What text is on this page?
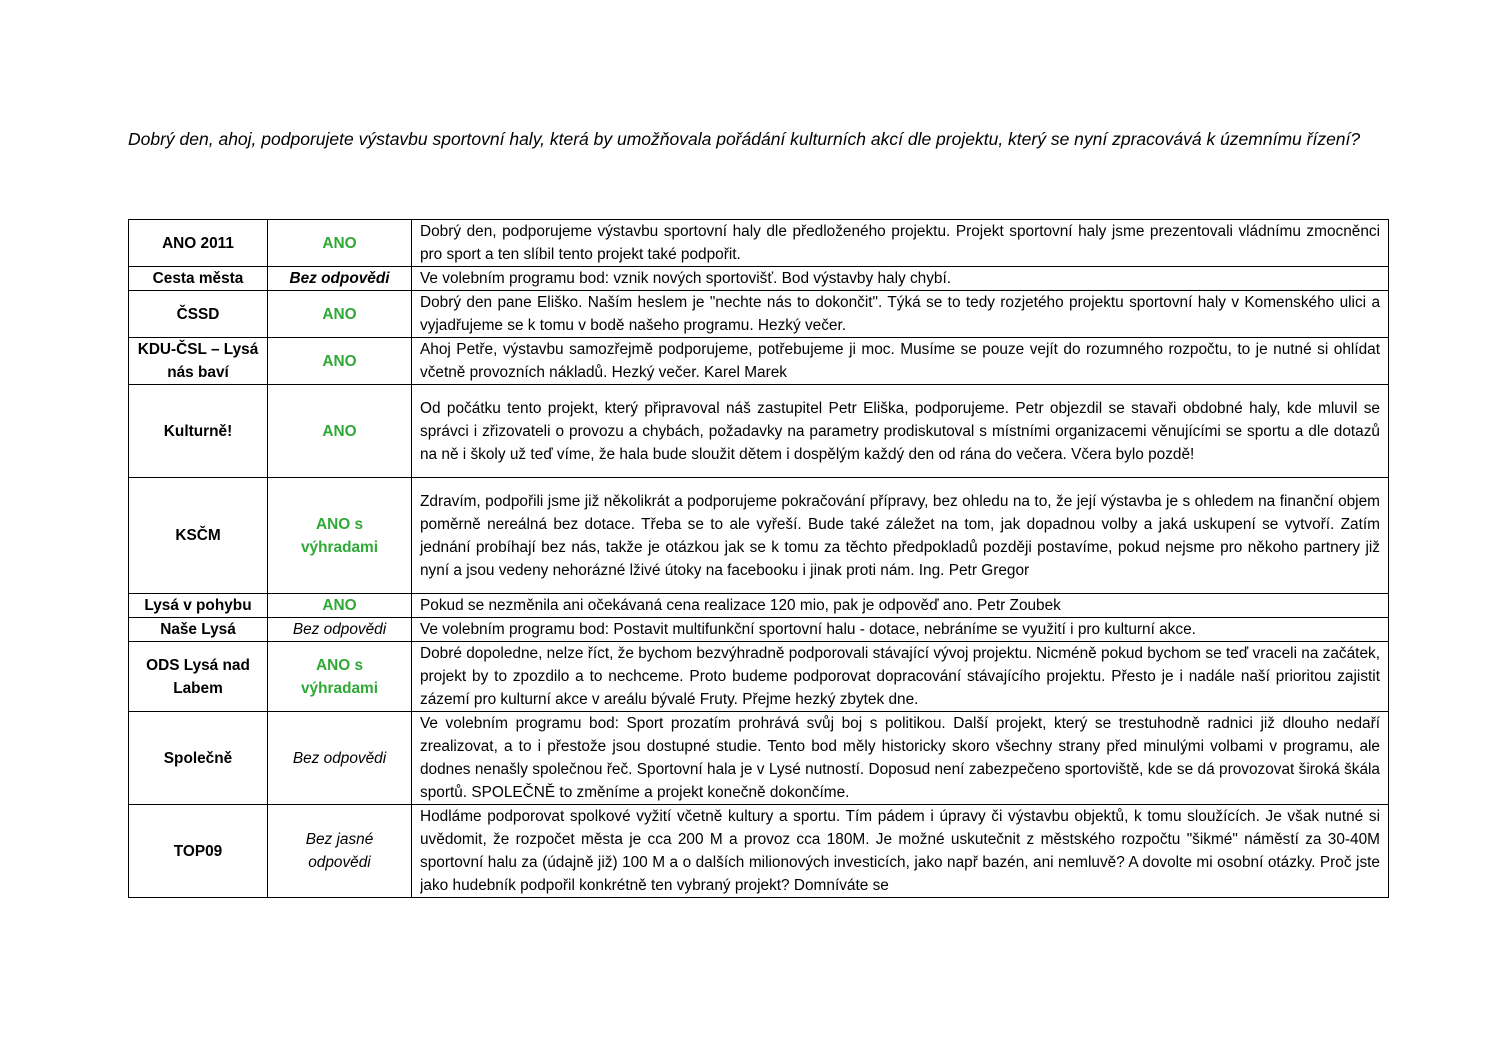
Dobrý den, ahoj, podporujete výstavbu sportovní haly, která by umožňovala pořádání kulturních akcí dle projektu, který se nyní zpracovává k územnímu řízení?

ANO 2011	ANO	Dobrý den, podporujeme výstavbu sportovní haly dle předloženého projektu. Projekt sportovní haly jsme prezentovali vládnímu zmocněnci pro sport a ten slíbil tento projekt také podpořit.
Cesta města	Bez odpovědi	Ve volebním programu bod: vznik nových sportovišť. Bod výstavby haly chybí.
ČSSD	ANO	Dobrý den pane Eliško. Naším heslem je "nechte nás to dokončit". Týká se to tedy rozjetého projektu sportovní haly v Komenského ulici a vyjadřujeme se k tomu v bodě našeho programu. Hezký večer.
KDU-ČSL – Lysá nás baví	ANO	Ahoj Petře, výstavbu samozřejmě podporujeme, potřebujeme ji moc. Musíme se pouze vejít do rozumného rozpočtu, to je nutné si ohlídat včetně provozních nákladů. Hezký večer. Karel Marek
Kulturně!	ANO	Od počátku tento projekt, který připravoval náš zastupitel Petr Eliška, podporujeme. Petr objezdil se stavaři obdobné haly, kde mluvil se správci i zřizovateli o provozu a chybách, požadavky na parametry prodiskutoval s místními organizacemi věnujícími se sportu a dle dotazů na ně i školy už teď víme, že hala bude sloužit dětem i dospělým každý den od rána do večera. Včera bylo pozdě!
KSČM	ANO s výhradami	Zdravím, podpořili jsme již několikrát a podporujeme pokračování přípravy, bez ohledu na to, že její výstavba je s ohledem na finanční objem poměrně nereálná bez dotace. Třeba se to ale vyřeší. Bude také záležet na tom, jak dopadnou volby a jaká uskupení se vytvoří. Zatím jednání probíhají bez nás, takže je otázkou jak se k tomu za těchto předpokladů později postavíme, pokud nejsme pro někoho partnery již nyní a jsou vedeny nehorázné lživé útoky na facebooku i jinak proti nám. Ing. Petr Gregor
Lysá v pohybu	ANO	Pokud se nezměnila ani očekávaná cena realizace 120 mio, pak je odpověď ano. Petr Zoubek
Naše Lysá	Bez odpovědi	Ve volebním programu bod: Postavit multifunkční sportovní halu - dotace, nebráníme se využití i pro kulturní akce.
ODS Lysá nad Labem	ANO s výhradami	Dobré dopoledne, nelze říct, že bychom bezvýhradně podporovali stávající vývoj projektu. Nicméně pokud bychom se teď vraceli na začátek, projekt by to zpozdilo a to nechceme. Proto budeme podporovat dopracování stávajícího projektu. Přesto je i nadále naší prioritou zajistit zázemí pro kulturní akce v areálu bývalé Fruty. Přejme hezký zbytek dne.
Společně	Bez odpovědi	Ve volebním programu bod: Sport prozatím prohrává svůj boj s politikou. Další projekt, který se trestuhodně radnici již dlouho nedaří zrealizovat, a to i přestože jsou dostupné studie. Tento bod měly historicky skoro všechny strany před minulými volbami v programu, ale dodnes nenašly společnou řeč. Sportovní hala je v Lysé nutností. Doposud není zabezpečeno sportoviště, kde se dá provozovat široká škála sportů. SPOLEČNĚ to změníme a projekt konečně dokončíme.
TOP09	Bez jasné odpovědi	Hodláme podporovat spolkové vyžití včetně kultury a sportu. Tím pádem i úpravy či výstavbu objektů, k tomu sloužících. Je však nutné si uvědomit, že rozpočet města je cca 200 M a provoz cca 180M. Je možné uskutečnit z městského rozpočtu "šikmé" náměstí za 30-40M sportovní halu za (údajně již) 100 M a o dalších milionových investicích, jako např bazén, ani nemluvě? A dovolte mi osobní otázky. Proč jste jako hudebník podpořil konkrétně ten vybraný projekt? Domníváte se
